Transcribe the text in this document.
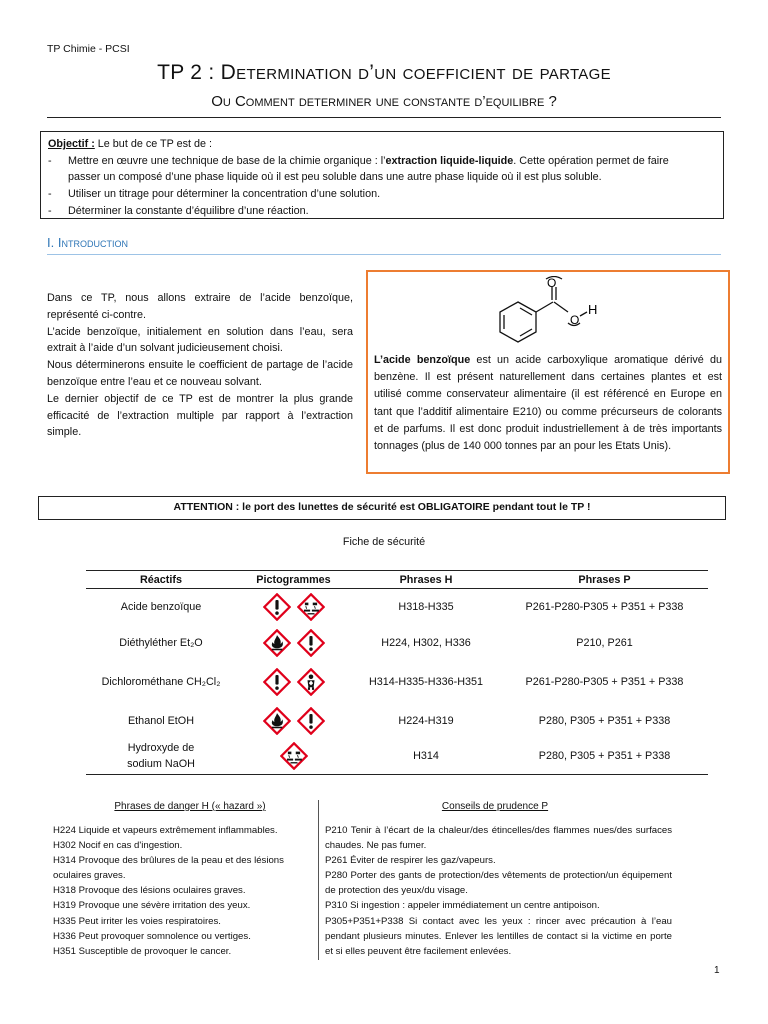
TP Chimie - PCSI
TP 2 : Determination d’un coefficient de partage
Ou Comment determiner une constante d’equilibre ?
Objectif : Le but de ce TP est de :
- Mettre en œuvre une technique de base de la chimie organique : l’extraction liquide-liquide. Cette opération permet de faire
passer un composé d’une phase liquide où il est peu soluble dans une autre phase liquide où il est plus soluble.
- Utiliser un titrage pour déterminer la concentration d’une solution.
- Déterminer la constante d’équilibre d’une réaction.
I. Introduction

Dans ce TP, nous allons extraire de l’acide benzoïque, représenté ci-contre.

L’acide benzoïque, initialement en solution dans l’eau, sera extrait à l’aide d’un solvant judicieusement choisi.

Nous déterminerons ensuite le coefficient de partage de l’acide benzoïque entre l’eau et ce nouveau solvant.

Le dernier objectif de ce TP est de montrer la plus grande efficacité de l’extraction multiple par rapport à l’extraction simple.

O
O
H
L’acide benzoïque est un acide carboxylique aromatique dérivé du benzène. Il est présent naturellement dans certaines plantes et est utilisé comme conservateur alimentaire (il est référencé en Europe en tant que l’additif alimentaire E210) ou comme précurseurs de colorants et de parfums. Il est donc produit industriellement à de très importants tonnages (plus de 140 000 tonnes par an pour les Etats Unis).
ATTENTION : le port des lunettes de sécurité est OBLIGATOIRE pendant tout le TP !
Fiche de sécurité
Réactifs	Pictogrammes	Phrases H	Phrases P
Acide benzoïque		H318-H335	P261-P280-P305 + P351 + P338
Diéthyléther Et₂O		H224, H302, H336	P210, P261
Dichlorométhane CH₂Cl₂		H314-H335-H336-H351	P261-P280-P305 + P351 + P338
Ethanol EtOH		H224-H319	P280, P305 + P351 + P338
Hydroxyde de sodium NaOH		H314	P280, P305 + P351 + P338
Phrases de danger H (« hazard »)	Conseils de prudence P
H224 Liquide et vapeurs extrêmement inflammables.
H302 Nocif en cas d'ingestion.
H314 Provoque des brûlures de la peau et des lésions oculaires graves.
H318 Provoque des lésions oculaires graves.
H319 Provoque une sévère irritation des yeux.
H335 Peut irriter les voies respiratoires.
H336 Peut provoquer somnolence ou vertiges.
H351 Susceptible de provoquer le cancer.
P210 Tenir à l’écart de la chaleur/des étincelles/des flammes nues/des surfaces chaudes. Ne pas fumer.
P261 Éviter de respirer les gaz/vapeurs.
P280 Porter des gants de protection/des vêtements de protection/un équipement de protection des yeux/du visage.
P310 Si ingestion : appeler immédiatement un centre antipoison.
P305+P351+P338 Si contact avec les yeux : rincer avec précaution à l’eau pendant plusieurs minutes. Enlever les lentilles de contact si la victime en porte et si elles peuvent être facilement enlevées.
1
